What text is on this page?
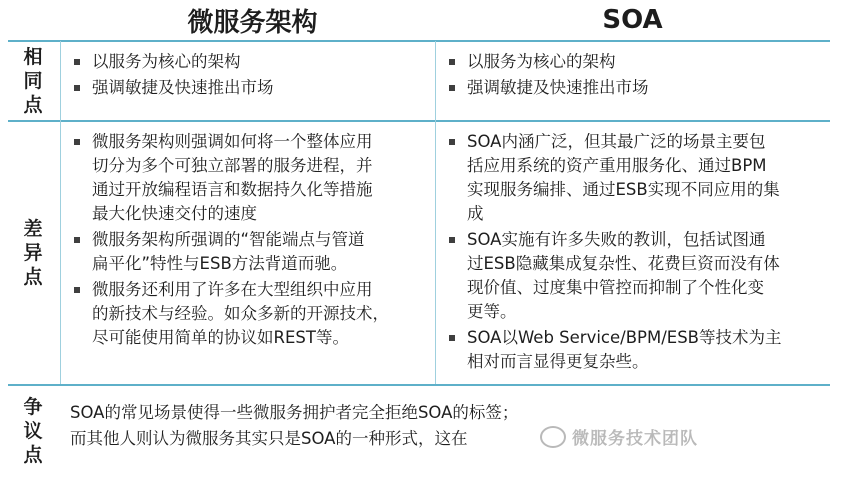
微服务架构	SOA
相
同
点
差
异
点
争
议
点
以服务为核心的架构
强调敏捷及快速推出市场
以服务为核心的架构
强调敏捷及快速推出市场
微服务架构则强调如何将一个整体应用
切分为多个可独立部署的服务进程，并
通过开放编程语言和数据持久化等措施
最大化快速交付的速度
微服务架构所强调的“智能端点与管道
扁平化”特性与ESB方法背道而驰。
微服务还利用了许多在大型组织中应用
的新技术与经验。如众多新的开源技术，
尽可能使用简单的协议如REST等。
SOA内涵广泛，但其最广泛的场景主要包
括应用系统的资产重用服务化、通过BPM
实现服务编排、通过ESB实现不同应用的集
成
SOA实施有许多失败的教训，包括试图通
过ESB隐藏集成复杂性、花费巨资而没有体
现价值、过度集中管控而抑制了个性化变
更等。
SOA以Web Service/BPM/ESB等技术为主
相对而言显得更复杂些。
SOA的常见场景使得一些微服务拥护者完全拒绝SOA的标签；
而其他人则认为微服务其实只是SOA的一种形式，这在	微服务技术团队
